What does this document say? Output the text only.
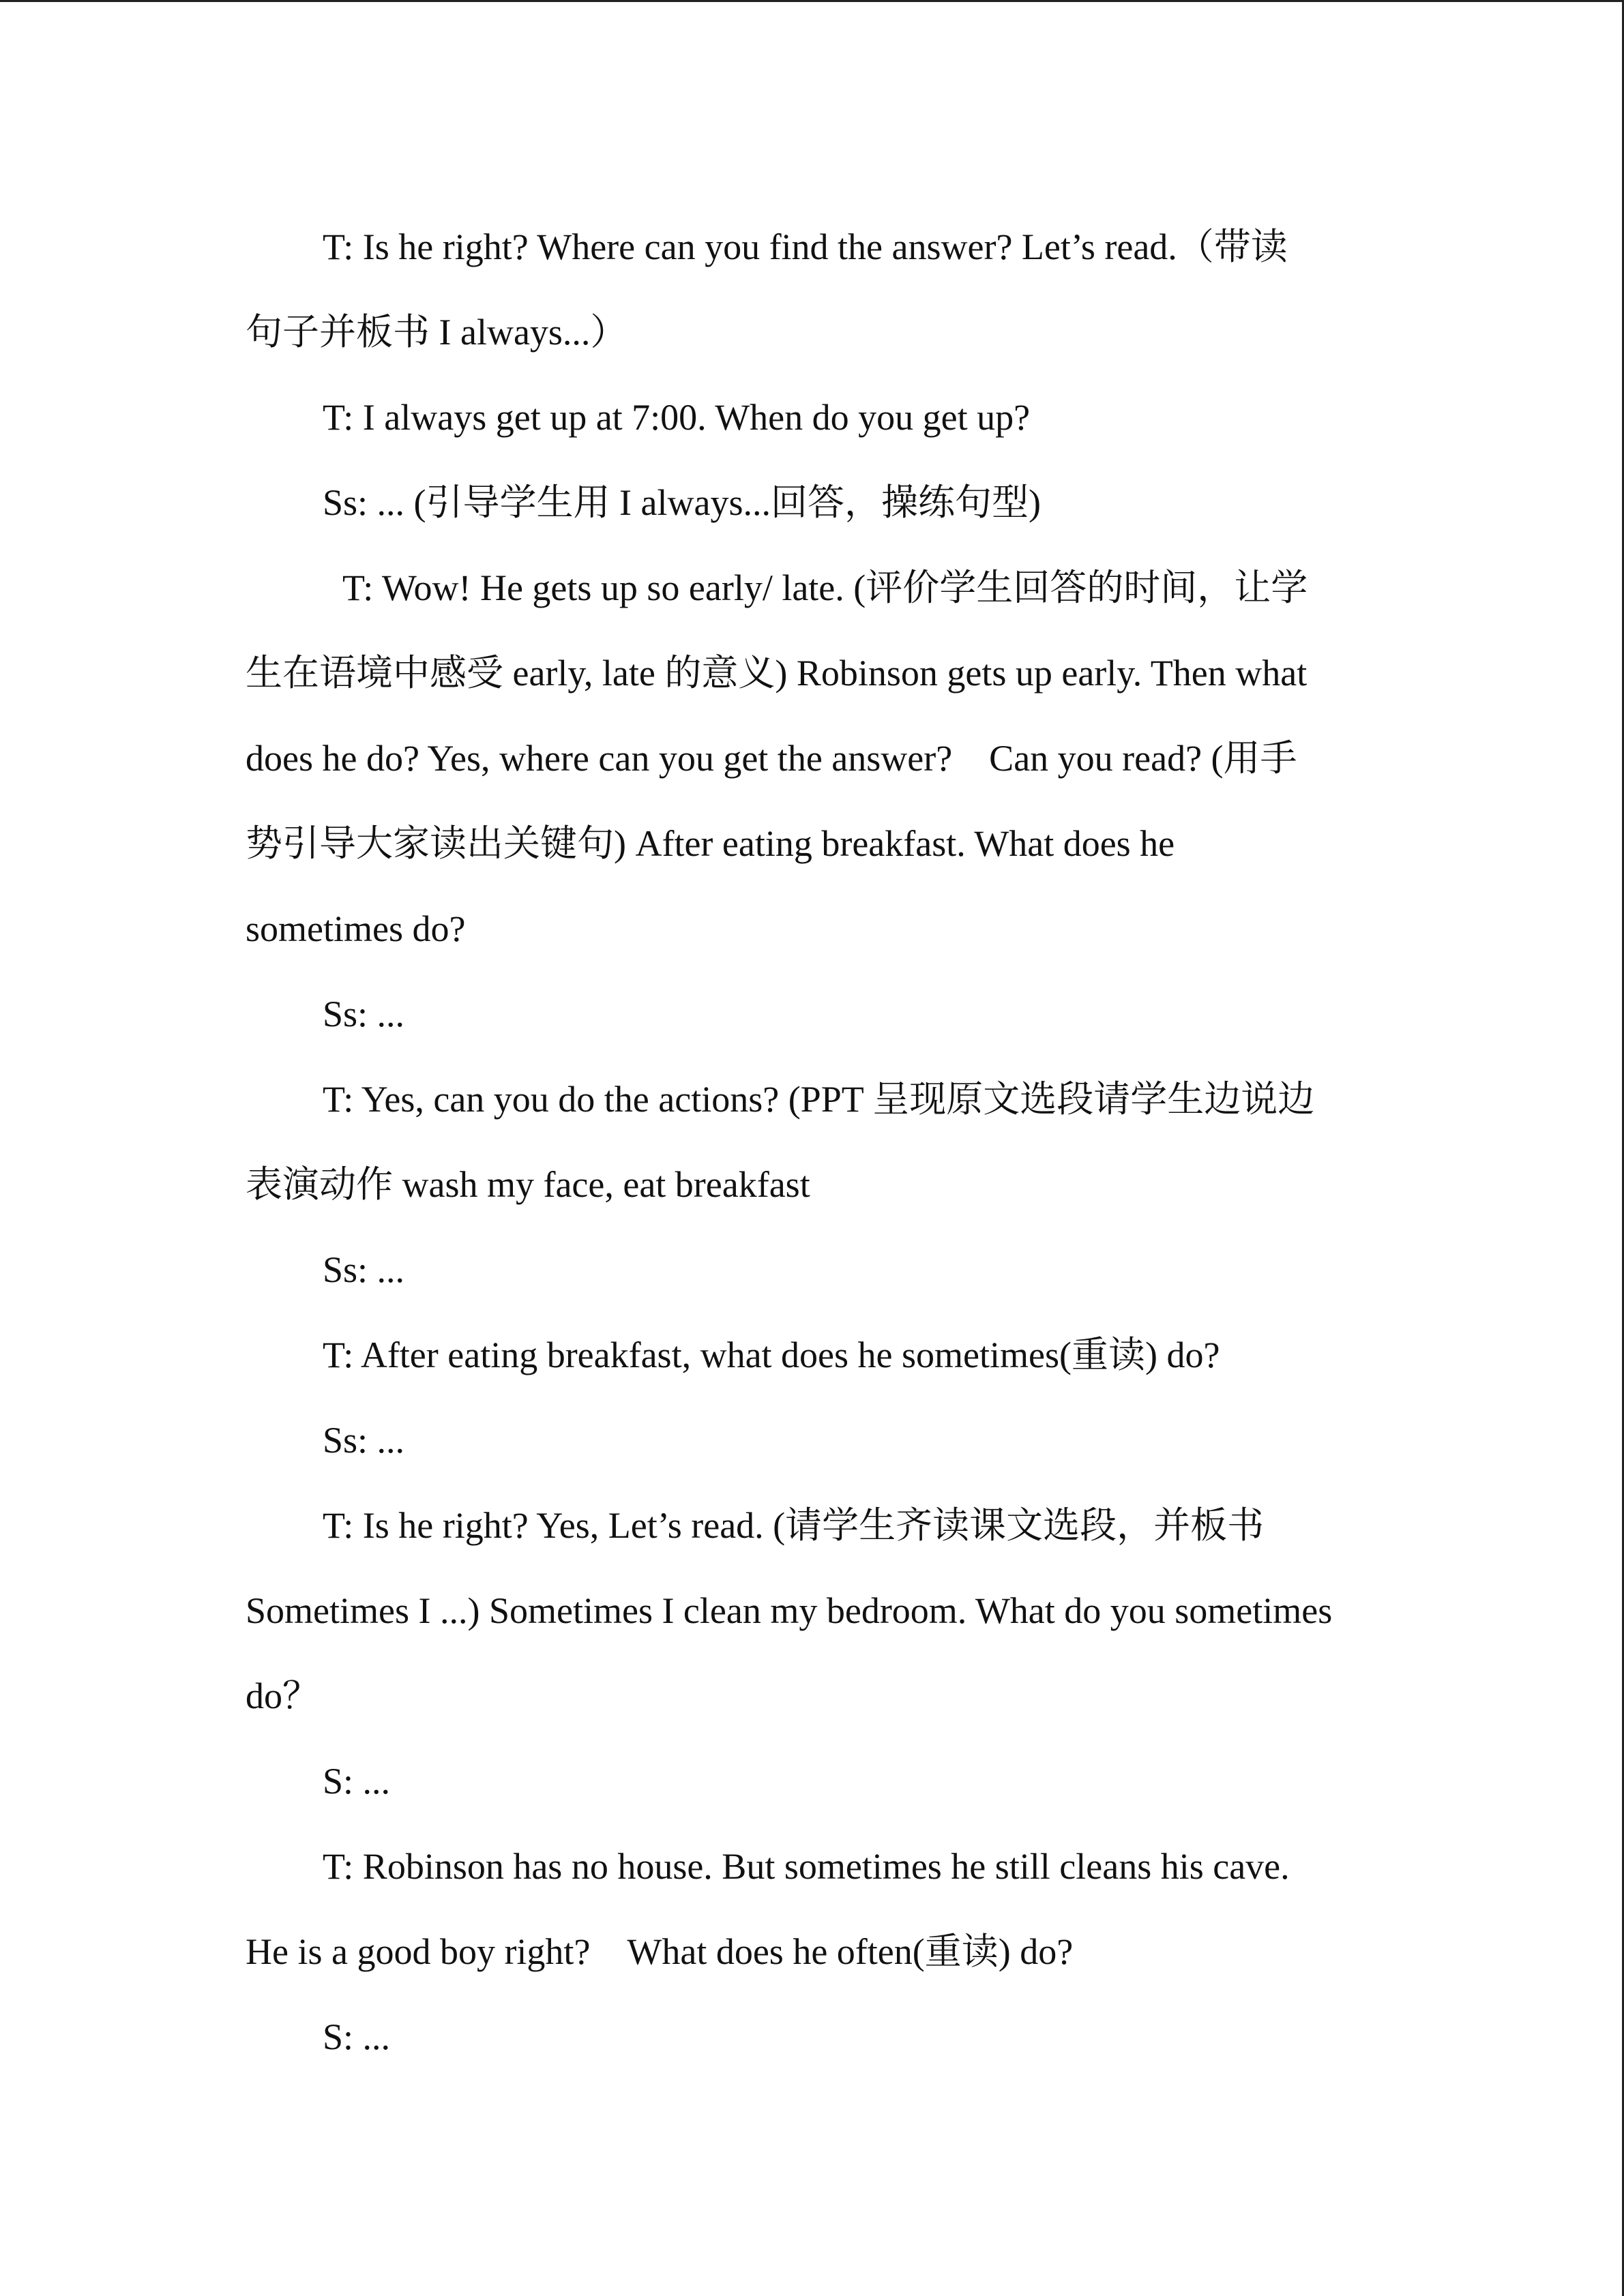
T: Is he right? Where can you find the answer? Let’s read.（带读

句子并板书 I always...）

T: I always get up at 7:00. When do you get up?

Ss: ... (引导学生用 I always...回答，操练句型)

T: Wow! He gets up so early/ late. (评价学生回答的时间，让学

生在语境中感受 early, late 的意义) Robinson gets up early. Then what

does he do? Yes, where can you get the answer?　Can you read? (用手

势引导大家读出关键句) After eating breakfast. What does he

sometimes do?

Ss: ...

T: Yes, can you do the actions? (PPT 呈现原文选段请学生边说边

表演动作 wash my face, eat breakfast

Ss: ...

T: After eating breakfast, what does he sometimes(重读) do?

Ss: ...

T: Is he right? Yes, Let’s read. (请学生齐读课文选段，并板书

Sometimes I ...) Sometimes I clean my bedroom. What do you sometimes

do？

S: ...

T: Robinson has no house. But sometimes he still cleans his cave.

He is a good boy right?　What does he often(重读) do?

S: ...
